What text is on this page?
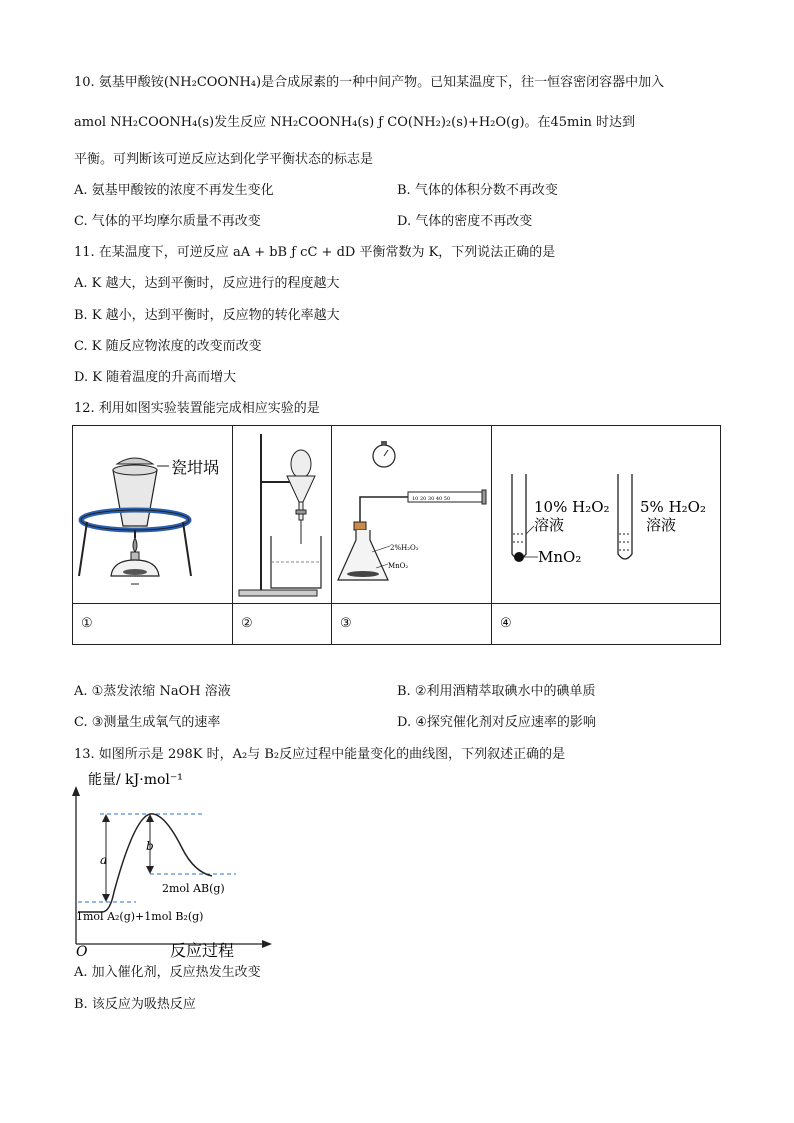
10. 氨基甲酸铵(NH₂COONH₄)是合成尿素的一种中间产物。已知某温度下，往一恒容密闭容器中加入
amol NH₂COONH₄(s)发生反应 NH₂COONH₄(s) ƒ CO(NH₂)₂(s)+H₂O(g)。在45min 时达到
平衡。可判断该可逆反应达到化学平衡状态的标志是
A. 氨基甲酸铵的浓度不再发生变化	B. 气体的体积分数不再改变
C. 气体的平均摩尔质量不再改变	D. 气体的密度不再改变
11. 在某温度下，可逆反应 aA + bB ƒ cC + dD 平衡常数为 K，下列说法正确的是
A. K 越大，达到平衡时，反应进行的程度越大
B. K 越小，达到平衡时，反应物的转化率越大
C. K 随反应物浓度的改变而改变
D. K 随着温度的升高而增大
12. 利用如图实验装置能完成相应实验的是
瓷坩埚		10 20 30 40 50
2%H₂O₂
MnO₂	10% H₂O₂
溶液
MnO₂
5% H₂O₂
溶液

①	②	③	④
A. ①蒸发浓缩 NaOH 溶液	B. ②利用酒精萃取碘水中的碘单质
C. ③测量生成氧气的速率	D. ④探究催化剂对反应速率的影响
13. 如图所示是 298K 时，A₂与 B₂反应过程中能量变化的曲线图，下列叙述正确的是
能量/ kJ·mol⁻¹
O	反应过程
a
b
2mol AB(g)
1mol A₂(g)+1mol B₂(g)
A. 加入催化剂，反应热发生改变
B. 该反应为吸热反应
